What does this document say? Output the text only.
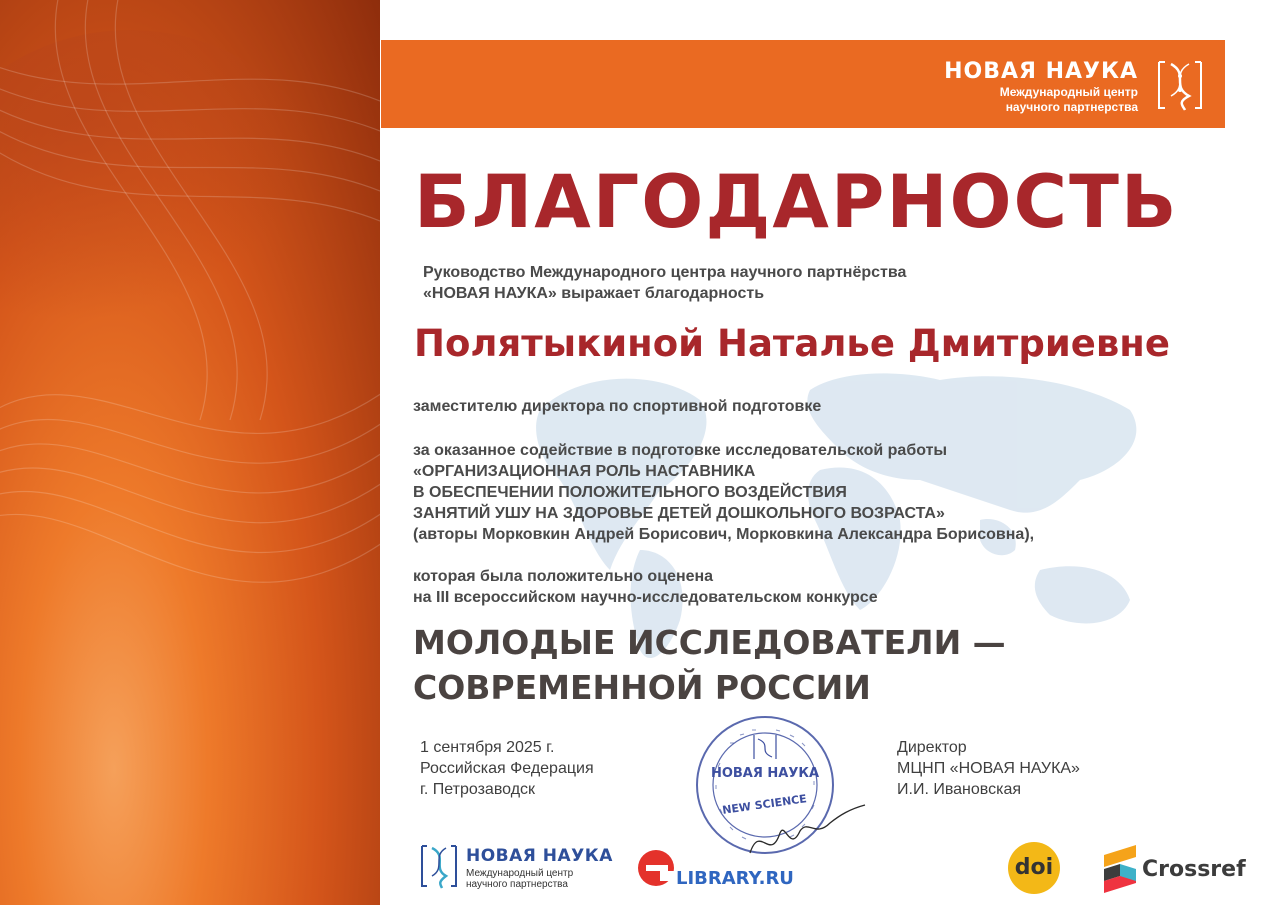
НОВАЯ НАУКА
Международный центр
научного партнерства
БЛАГОДАРНОСТЬ
Руководство Международного центра научного партнёрства
«НОВАЯ НАУКА» выражает благодарность
Полятыкиной Наталье Дмитриевне
заместителю директора по спортивной подготовке
за оказанное содействие в подготовке исследовательской работы
«ОРГАНИЗАЦИОННАЯ РОЛЬ НАСТАВНИКА
В ОБЕСПЕЧЕНИИ ПОЛОЖИТЕЛЬНОГО ВОЗДЕЙСТВИЯ
ЗАНЯТИЙ УШУ НА ЗДОРОВЬЕ ДЕТЕЙ ДОШКОЛЬНОГО ВОЗРАСТА»
(авторы Морковкин Андрей Борисович, Морковкина Александра Борисовна),
которая была положительно оценена
на III всероссийском научно-исследовательском конкурсе
МОЛОДЫЕ ИССЛЕДОВАТЕЛИ —
СОВРЕМЕННОЙ РОССИИ
1 сентября 2025 г.
Российская Федерация
г. Петрозаводск
Директор
МЦНП «НОВАЯ НАУКА»
И.И. Ивановская
НОВАЯ НАУКА
NEW SCIENCE
НОВАЯ НАУКА
Международный центр
научного партнерства	LIBRARY.RU	doi	Crossref
